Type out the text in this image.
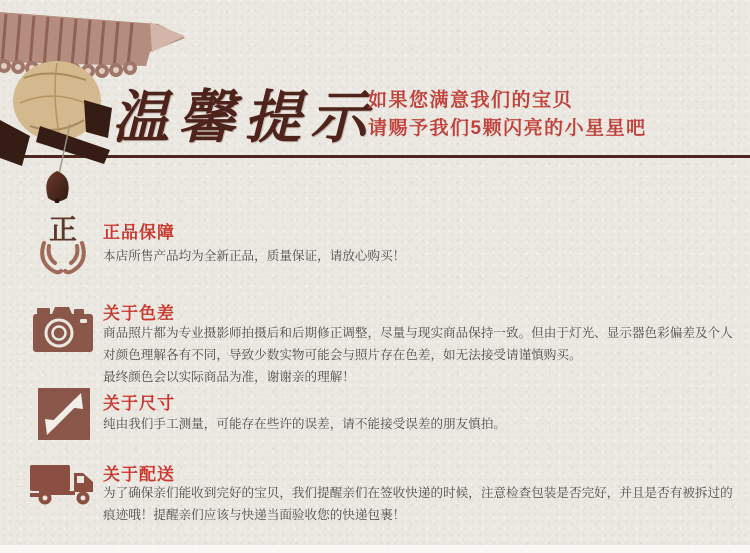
温馨提示
如果您满意我们的宝贝
请赐予我们5颗闪亮的小星星吧
正 正品保障
本店所售产品均为全新正品，质量保证，请放心购买！
关于色差
商品照片都为专业摄影师拍摄后和后期修正调整，尽量与现实商品保持一致。但由于灯光、显示器色彩偏差及个人
对颜色理解各有不同，导致少数实物可能会与照片存在色差，如无法接受请谨慎购买。
最终颜色会以实际商品为准，谢谢亲的理解！
关于尺寸
纯由我们手工测量，可能存在些许的误差，请不能接受误差的朋友慎拍。
关于配送
为了确保亲们能收到完好的宝贝，我们提醒亲们在签收快递的时候，注意检查包装是否完好，并且是否有被拆过的
痕迹哦！提醒亲们应该与快递当面验收您的快递包裹！
